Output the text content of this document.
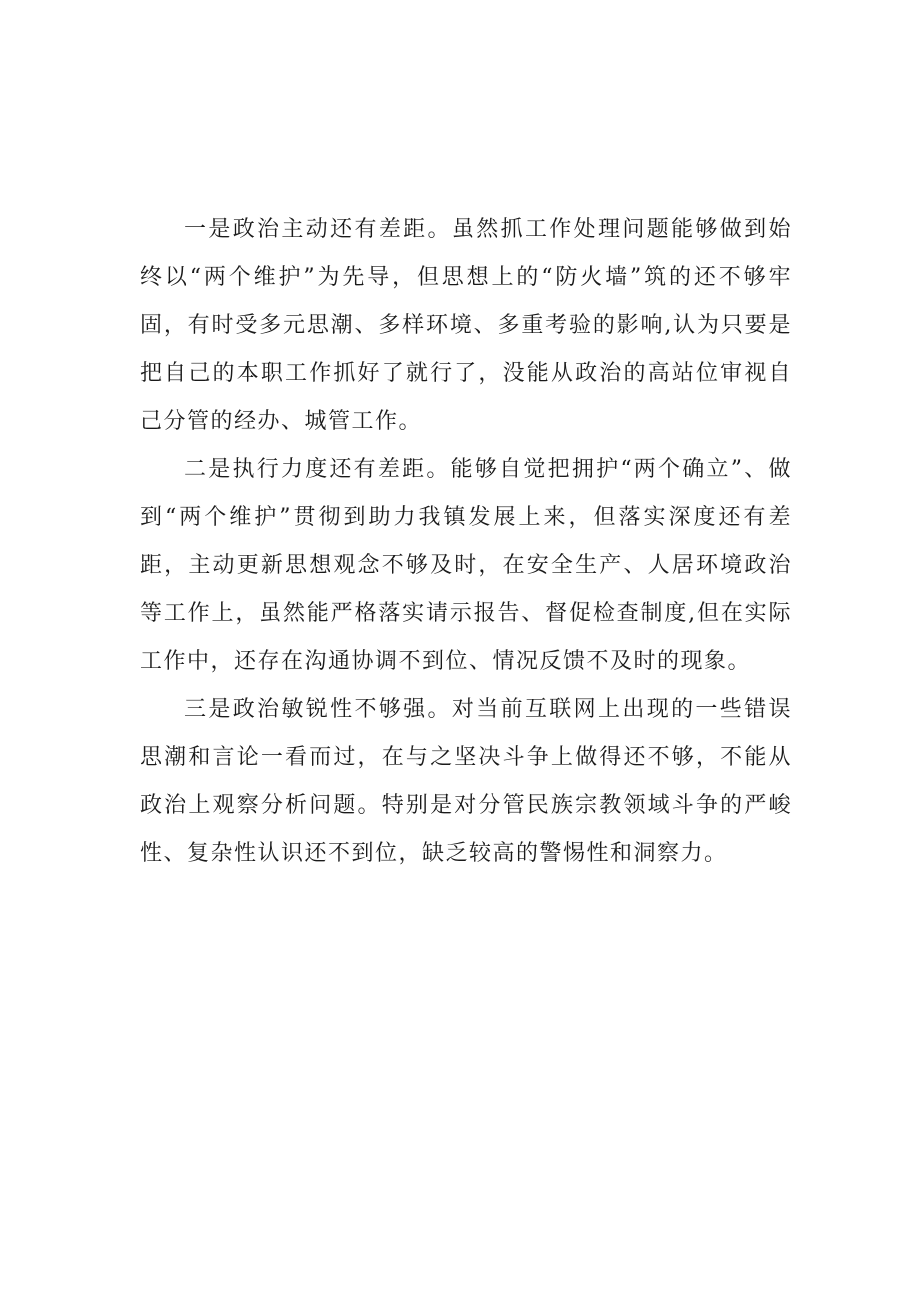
一是政治主动还有差距。虽然抓工作处理问题能够做到始终以“两个维护”为先导，但思想上的“防火墙”筑的还不够牢固，有时受多元思潮、多样环境、多重考验的影响,认为只要是把自己的本职工作抓好了就行了，没能从政治的高站位审视自己分管的经办、城管工作。

二是执行力度还有差距。能够自觉把拥护“两个确立”、做到“两个维护”贯彻到助力我镇发展上来，但落实深度还有差距，主动更新思想观念不够及时，在安全生产、人居环境政治等工作上，虽然能严格落实请示报告、督促检查制度,但在实际工作中，还存在沟通协调不到位、情况反馈不及时的现象。

三是政治敏锐性不够强。对当前互联网上出现的一些错误思潮和言论一看而过，在与之坚决斗争上做得还不够，不能从政治上观察分析问题。特别是对分管民族宗教领域斗争的严峻性、复杂性认识还不到位，缺乏较高的警惕性和洞察力。
